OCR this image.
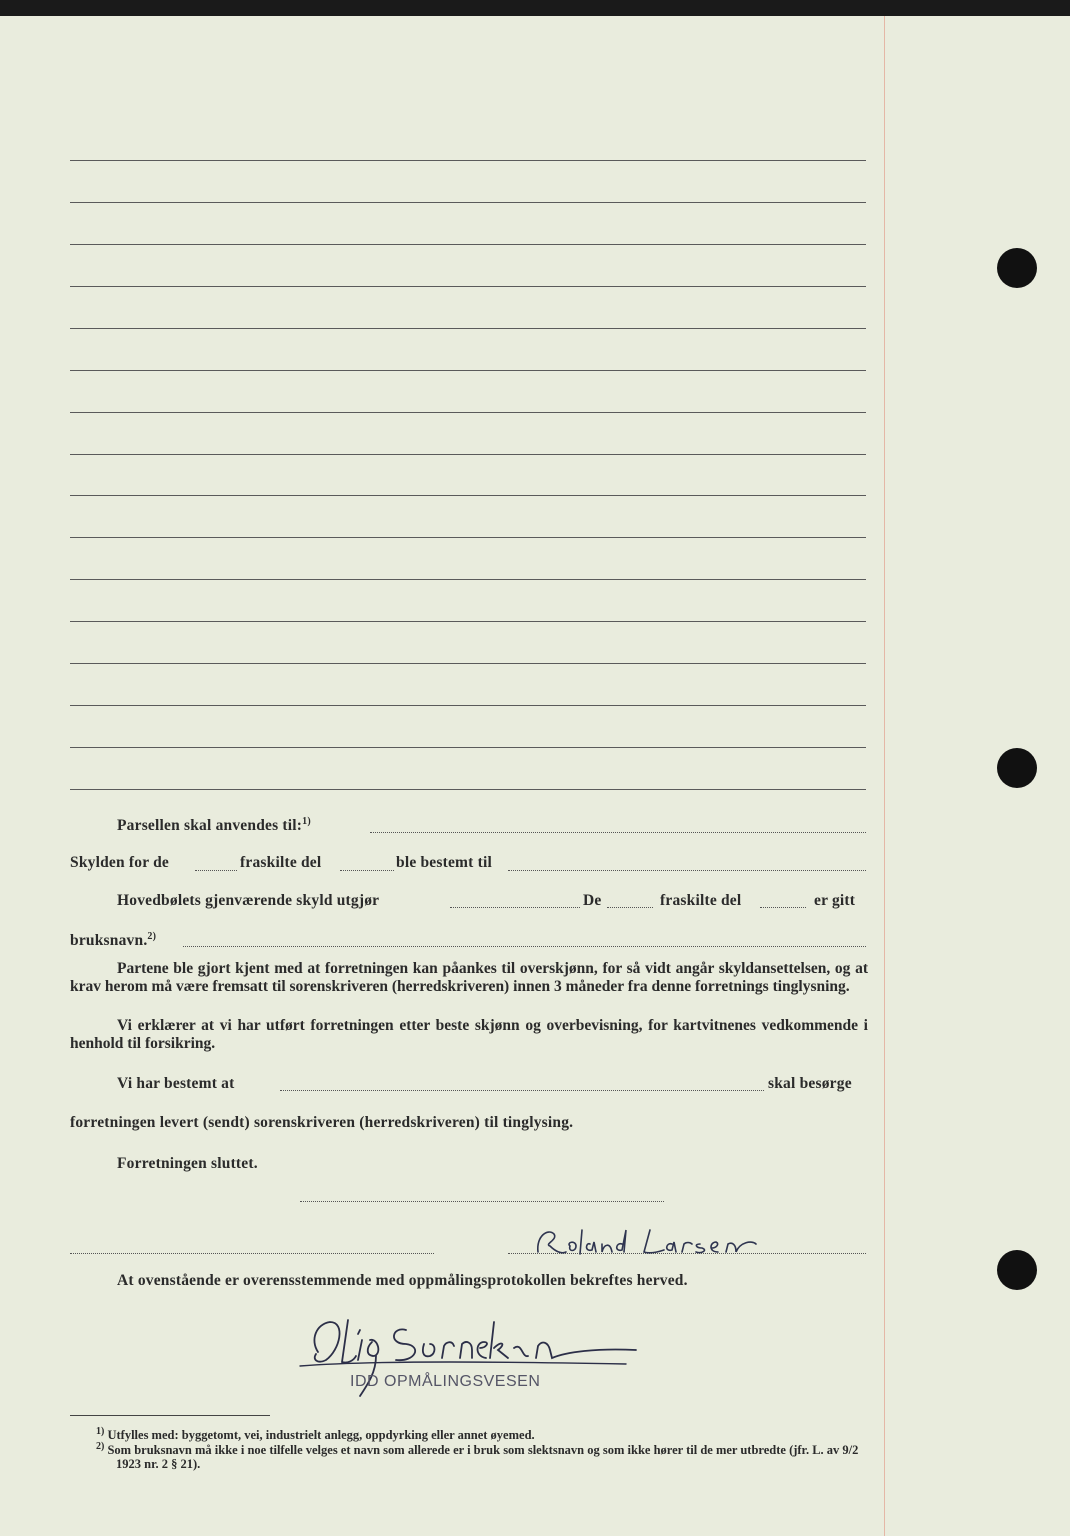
Parsellen skal anvendes til:$^{1)}$
Skylden for de	fraskilte del	ble bestemt til
Hovedbølets gjenværende skyld utgjør	De	fraskilte del	er gitt
bruksnavn.$^{2)}$
Partene ble gjort kjent med at forretningen kan påankes til overskjønn, for så vidt angår skyldansettelsen, og at krav herom må være fremsatt til sorenskriveren (herredskriveren) innen 3 måneder fra denne forretnings tinglysning.
Vi erklærer at vi har utført forretningen etter beste skjønn og overbevisning, for kartvitnenes vedkommende i henhold til forsikring.
Vi har bestemt at	skal besørge
forretningen levert (sendt) sorenskriveren (herredskriveren) til tinglysing.
Forretningen sluttet.
At ovenstående er overensstemmende med oppmålingsprotokollen bekreftes herved.
IDD OPMÅLINGSVESEN
$^{1)}$ Utfylles med: byggetomt, vei, industrielt anlegg, oppdyrking eller annet øyemed.
$^{2)}$ Som bruksnavn må ikke i noe tilfelle velges et navn som allerede er i bruk som slektsnavn og som ikke hører til de mer utbredte (jfr. L. av 9/2 1923 nr. 2 § 21).
